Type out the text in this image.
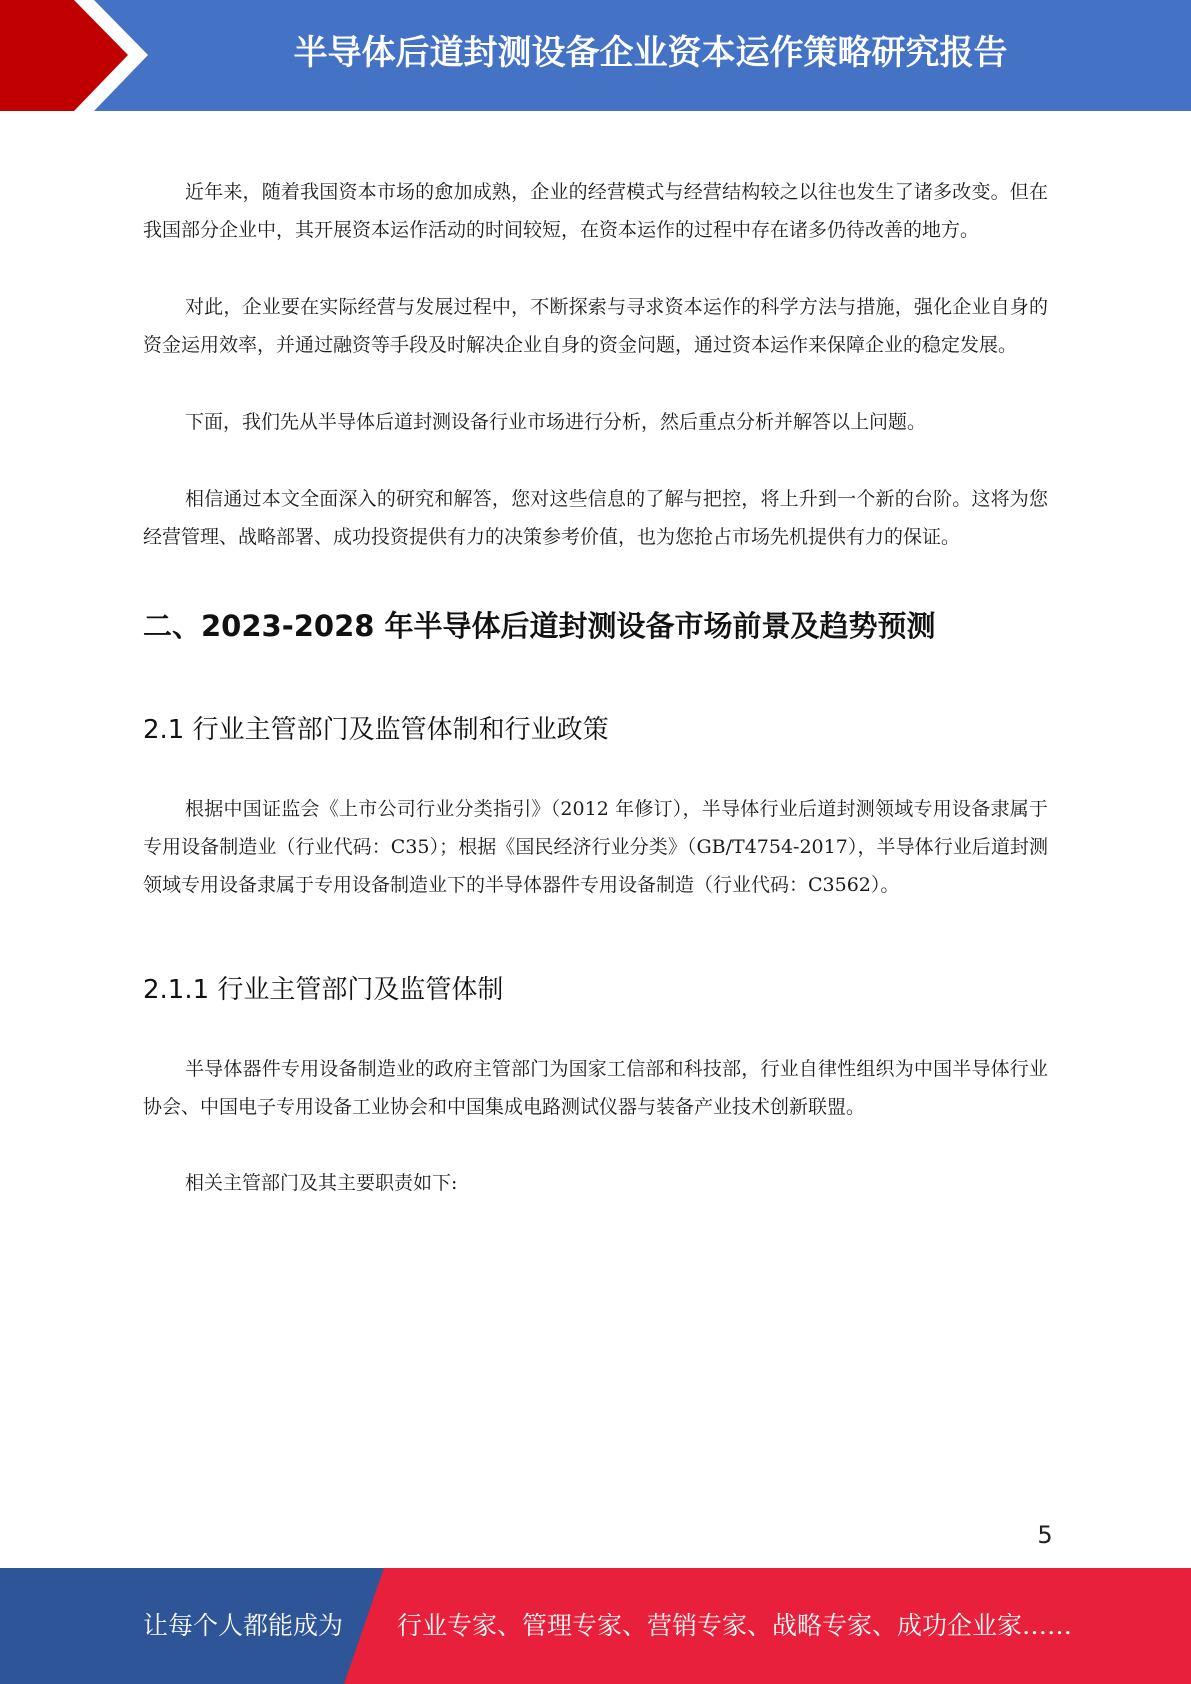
半导体后道封测设备企业资本运作策略研究报告

近年来，随着我国资本市场的愈加成熟，企业的经营模式与经营结构较之以往也发生了诸多改变。但在我国部分企业中，其开展资本运作活动的时间较短，在资本运作的过程中存在诸多仍待改善的地方。

对此，企业要在实际经营与发展过程中，不断探索与寻求资本运作的科学方法与措施，强化企业自身的资金运用效率，并通过融资等手段及时解决企业自身的资金问题，通过资本运作来保障企业的稳定发展。

下面，我们先从半导体后道封测设备行业市场进行分析，然后重点分析并解答以上问题。

相信通过本文全面深入的研究和解答，您对这些信息的了解与把控，将上升到一个新的台阶。这将为您经营管理、战略部署、成功投资提供有力的决策参考价值，也为您抢占市场先机提供有力的保证。

二、2023-2028 年半导体后道封测设备市场前景及趋势预测
2.1 行业主管部门及监管体制和行业政策

根据中国证监会《上市公司行业分类指引》（2012 年修订），半导体行业后道封测领域专用设备隶属于专用设备制造业（行业代码：C35）；根据《国民经济行业分类》（GB/T4754-2017），半导体行业后道封测领域专用设备隶属于专用设备制造业下的半导体器件专用设备制造（行业代码：C3562）。

2.1.1 行业主管部门及监管体制

半导体器件专用设备制造业的政府主管部门为国家工信部和科技部，行业自律性组织为中国半导体行业协会、中国电子专用设备工业协会和中国集成电路测试仪器与装备产业技术创新联盟。

相关主管部门及其主要职责如下:

5
让每个人都能成为 行业专家、管理专家、营销专家、战略专家、成功企业家……
